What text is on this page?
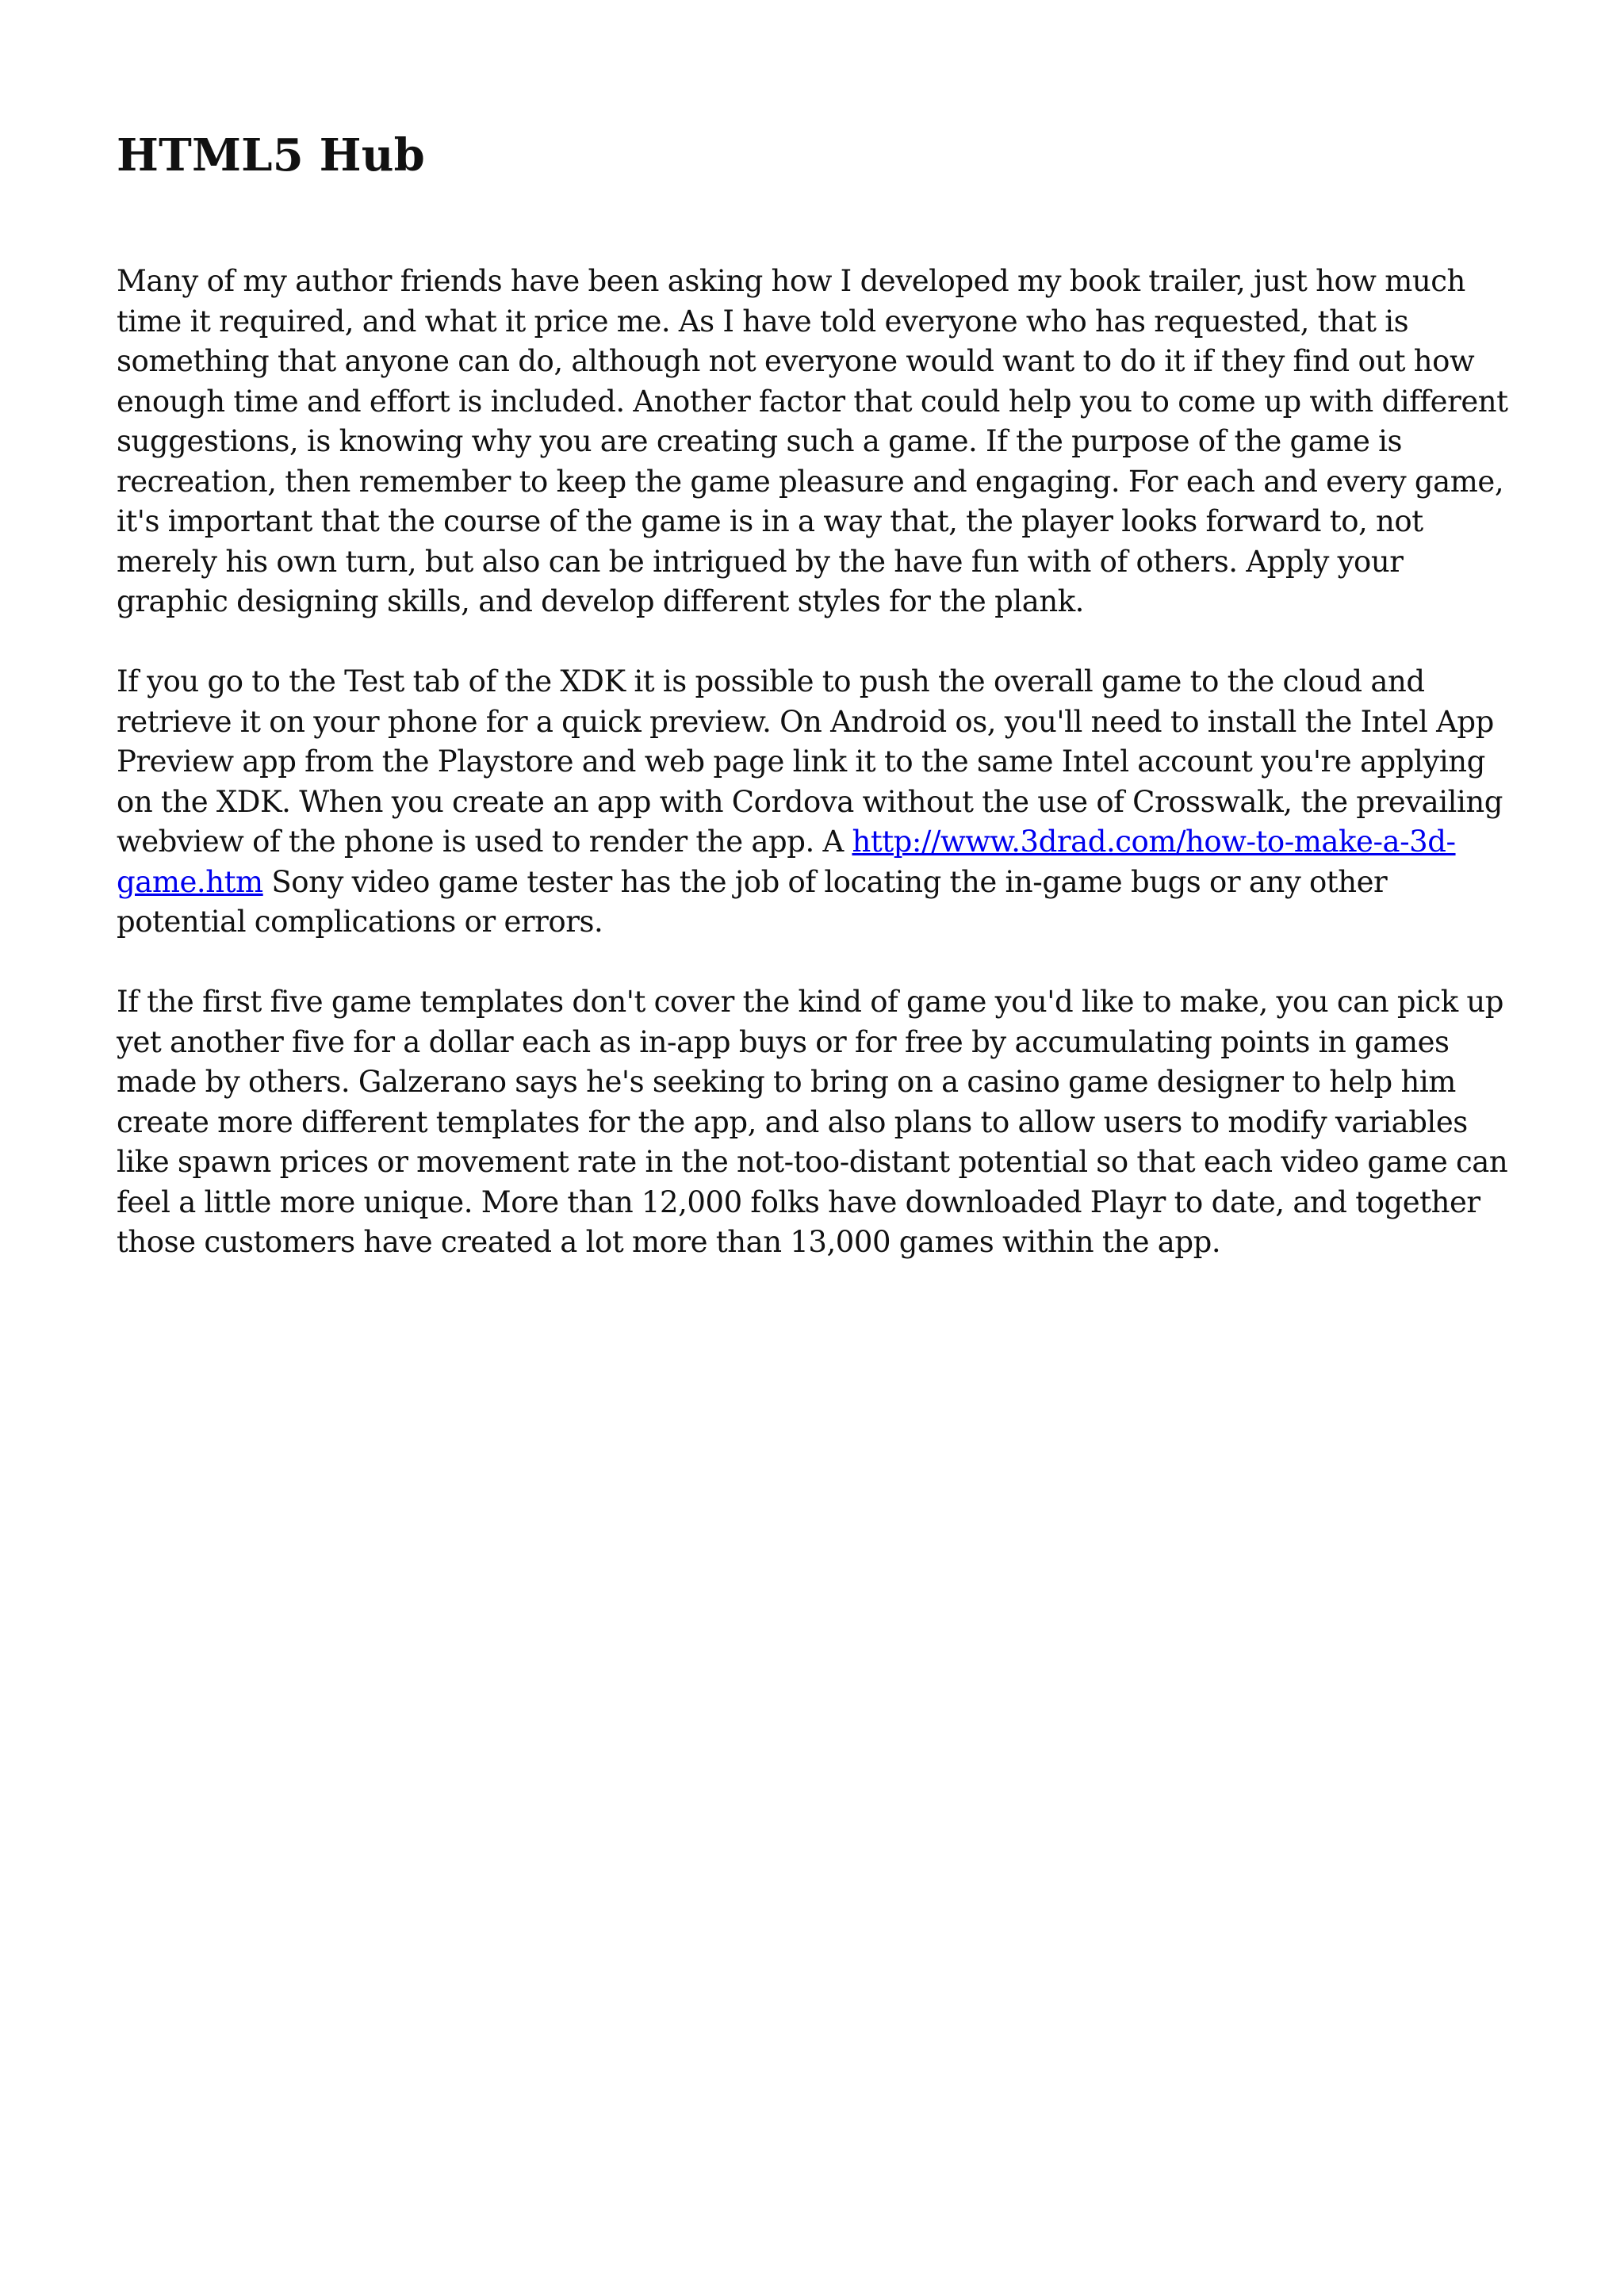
HTML5 Hub

Many of my author friends have been asking how I developed my book trailer, just how much time it required, and what it price me. As I have told everyone who has requested, that is something that anyone can do, although not everyone would want to do it if they find out how enough time and effort is included. Another factor that could help you to come up with different suggestions, is knowing why you are creating such a game. If the purpose of the game is recreation, then remember to keep the game pleasure and engaging. For each and every game, it's important that the course of the game is in a way that, the player looks forward to, not merely his own turn, but also can be intrigued by the have fun with of others. Apply your graphic designing skills, and develop different styles for the plank.

If you go to the Test tab of the XDK it is possible to push the overall game to the cloud and retrieve it on your phone for a quick preview. On Android os, you'll need to install the Intel App Preview app from the Playstore and web page link it to the same Intel account you're applying on the XDK. When you create an app with Cordova without the use of Crosswalk, the prevailing webview of the phone is used to render the app. A http://www.3drad.com/how-to-make-a-3d-game.htm Sony video game tester has the job of locating the in-game bugs or any other potential complications or errors.

If the first five game templates don't cover the kind of game you'd like to make, you can pick up yet another five for a dollar each as in-app buys or for free by accumulating points in games made by others. Galzerano says he's seeking to bring on a casino game designer to help him create more different templates for the app, and also plans to allow users to modify variables like spawn prices or movement rate in the not-too-distant potential so that each video game can feel a little more unique. More than 12,000 folks have downloaded Playr to date, and together those customers have created a lot more than 13,000 games within the app.
